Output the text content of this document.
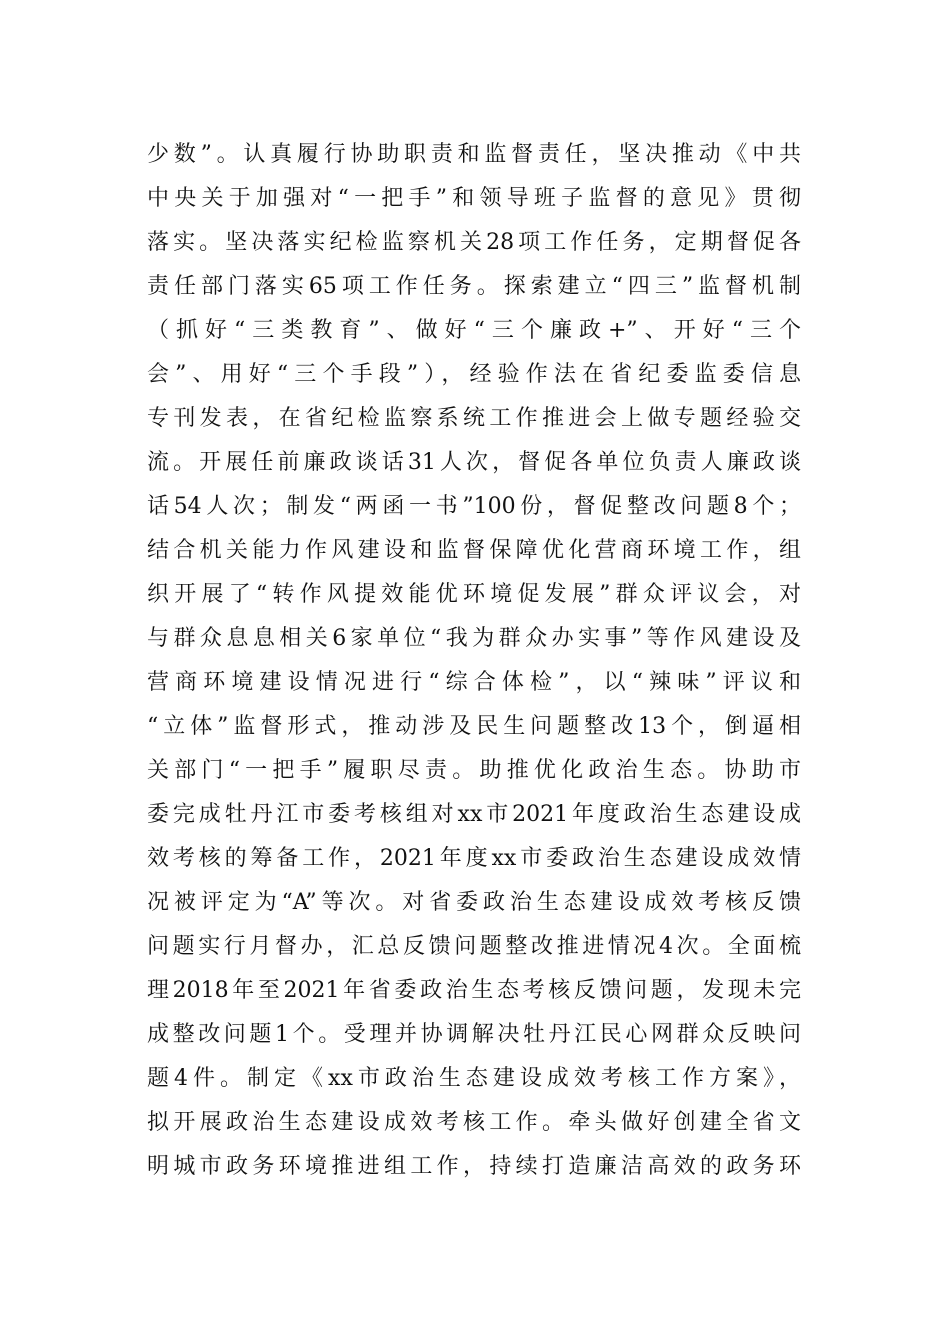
少数”。认真履行协助职责和监督责任，坚决推动《中共
中央关于加强对“一把手”和领导班子监督的意见》贯彻
落实。坚决落实纪检监察机关28项工作任务，定期督促各
责任部门落实65项工作任务。探索建立“四三”监督机制
（抓好“三类教育”、做好“三个廉政+”、开好“三个
会”、用好“三个手段”），经验作法在省纪委监委信息
专刊发表，在省纪检监察系统工作推进会上做专题经验交
流。开展任前廉政谈话31人次，督促各单位负责人廉政谈
话54人次；制发“两函一书”100份，督促整改问题8个；
结合机关能力作风建设和监督保障优化营商环境工作，组
织开展了“转作风提效能优环境促发展”群众评议会，对
与群众息息相关6家单位“我为群众办实事”等作风建设及
营商环境建设情况进行“综合体检”，以“辣味”评议和
“立体”监督形式，推动涉及民生问题整改13个，倒逼相
关部门“一把手”履职尽责。助推优化政治生态。协助市
委完成牡丹江市委考核组对xx市2021年度政治生态建设成
效考核的筹备工作，2021年度xx市委政治生态建设成效情
况被评定为“A”等次。对省委政治生态建设成效考核反馈
问题实行月督办，汇总反馈问题整改推进情况4次。全面梳
理2018年至2021年省委政治生态考核反馈问题，发现未完
成整改问题1个。受理并协调解决牡丹江民心网群众反映问
题4件。制定《xx市政治生态建设成效考核工作方案》，
拟开展政治生态建设成效考核工作。牵头做好创建全省文
明城市政务环境推进组工作，持续打造廉洁高效的政务环
